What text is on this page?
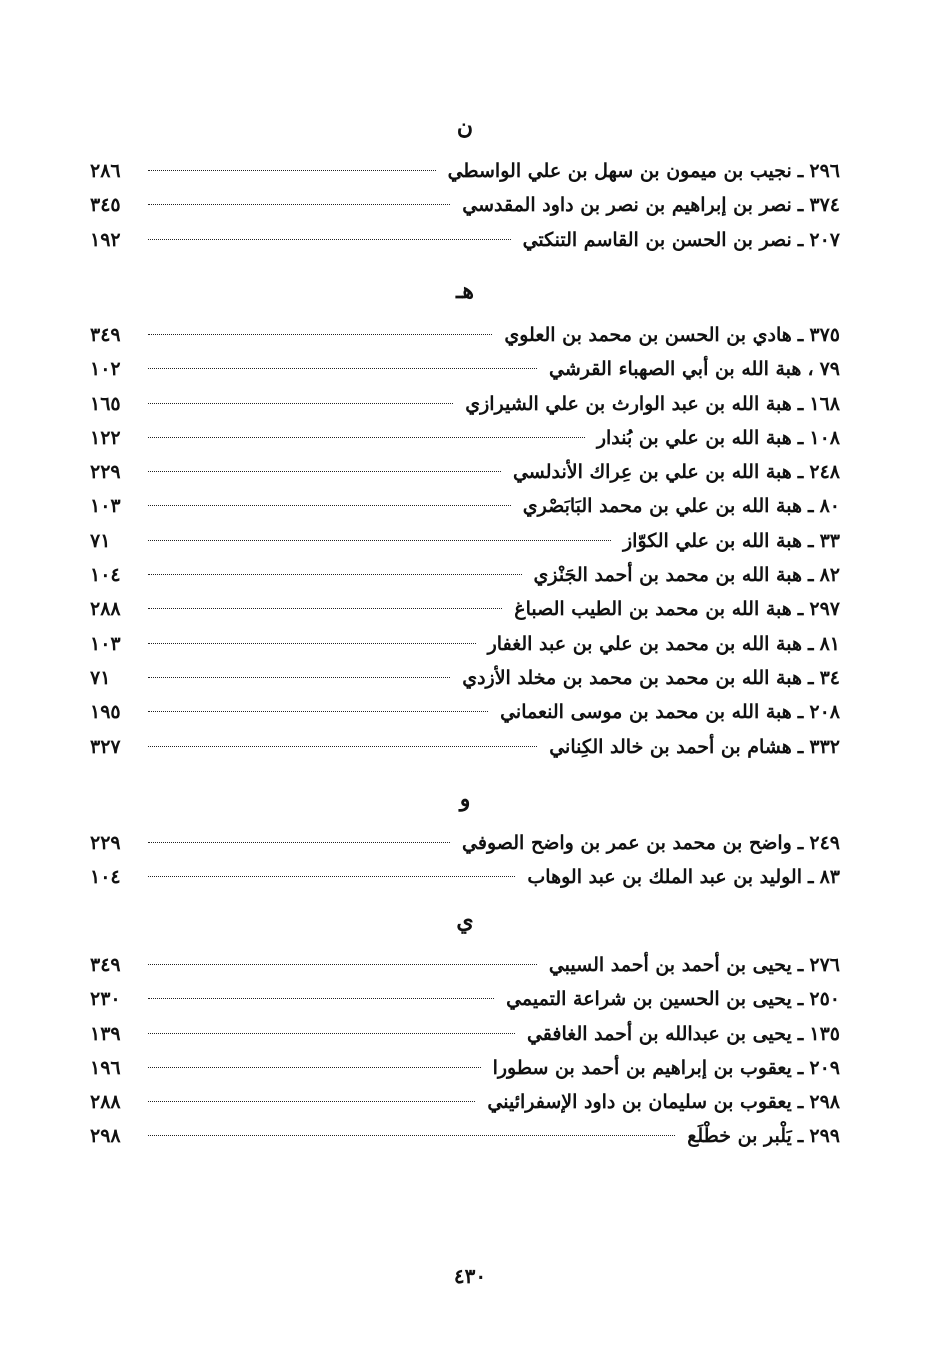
٤٣٠
ن
٢٩٦
ـ
نجيب بن ميمون بن سهل بن علي الواسطي
٢٨٦
٣٧٤
ـ
نصر بن إبراهيم بن نصر بن داود المقدسي
٣٤٥
٢٠٧
ـ
نصر بن الحسن بن القاسم التنكتي
١٩٢
هـ
٣٧٥
ـ
هادي بن الحسن بن محمد بن العلوي
٣٤٩
٧٩
،
هبة الله بن أبي الصهباء القرشي
١٠٢
١٦٨
ـ
هبة الله بن عبد الوارث بن علي الشيرازي
١٦٥
١٠٨
ـ
هبة الله بن علي بن بُندار
١٢٢
٢٤٨
ـ
هبة الله بن علي بن عِراك الأندلسي
٢٢٩
٨٠
ـ
هبة الله بن علي بن محمد البَابَصْري
١٠٣
٣٣
ـ
هبة الله بن علي الكوّاز
٧١
٨٢
ـ
هبة الله بن محمد بن أحمد الجَنْزي
١٠٤
٢٩٧
ـ
هبة الله بن محمد بن الطيب الصباغ
٢٨٨
٨١
ـ
هبة الله بن محمد بن علي بن عبد الغفار
١٠٣
٣٤
ـ
هبة الله بن محمد بن محمد بن مخلد الأزدي
٧١
٢٠٨
ـ
هبة الله بن محمد بن موسى النعماني
١٩٥
٣٣٢
ـ
هشام بن أحمد بن خالد الكِناني
٣٢٧
و
٢٤٩
ـ
واضح بن محمد بن عمر بن واضح الصوفي
٢٢٩
٨٣
ـ
الوليد بن عبد الملك بن عبد الوهاب
١٠٤
ي
٢٧٦
ـ
يحيى بن أحمد بن أحمد السيبي
٣٤٩
٢٥٠
ـ
يحيى بن الحسين بن شراعة التميمي
٢٣٠
١٣٥
ـ
يحيى بن عبدالله بن أحمد الغافقي
١٣٩
٢٠٩
ـ
يعقوب بن إبراهيم بن أحمد بن سطورا
١٩٦
٢٩٨
ـ
يعقوب بن سليمان بن داود الإسفرائيني
٢٨٨
٢٩٩
ـ
يَلْبر بن خطْلَع
٢٩٨
